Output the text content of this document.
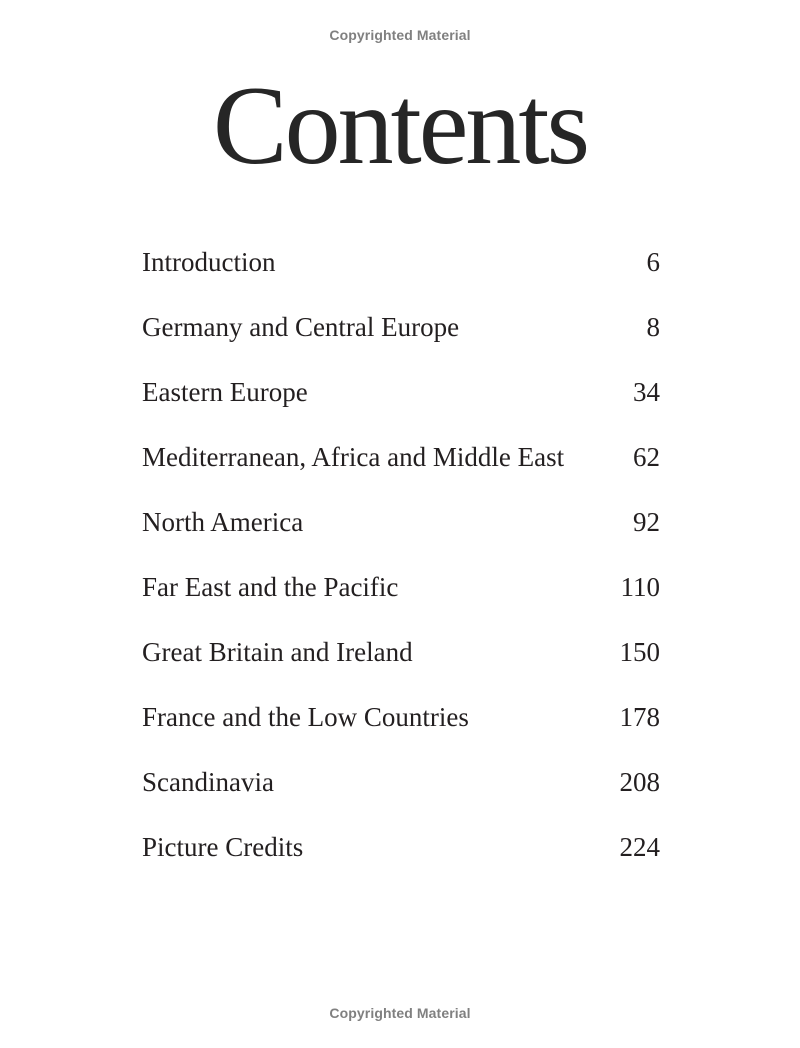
Copyrighted Material
Contents
Introduction	6
Germany and Central Europe	8
Eastern Europe	34
Mediterranean, Africa and Middle East	62
North America	92
Far East and the Pacific	110
Great Britain and Ireland	150
France and the Low Countries	178
Scandinavia	208
Picture Credits	224
Copyrighted Material
